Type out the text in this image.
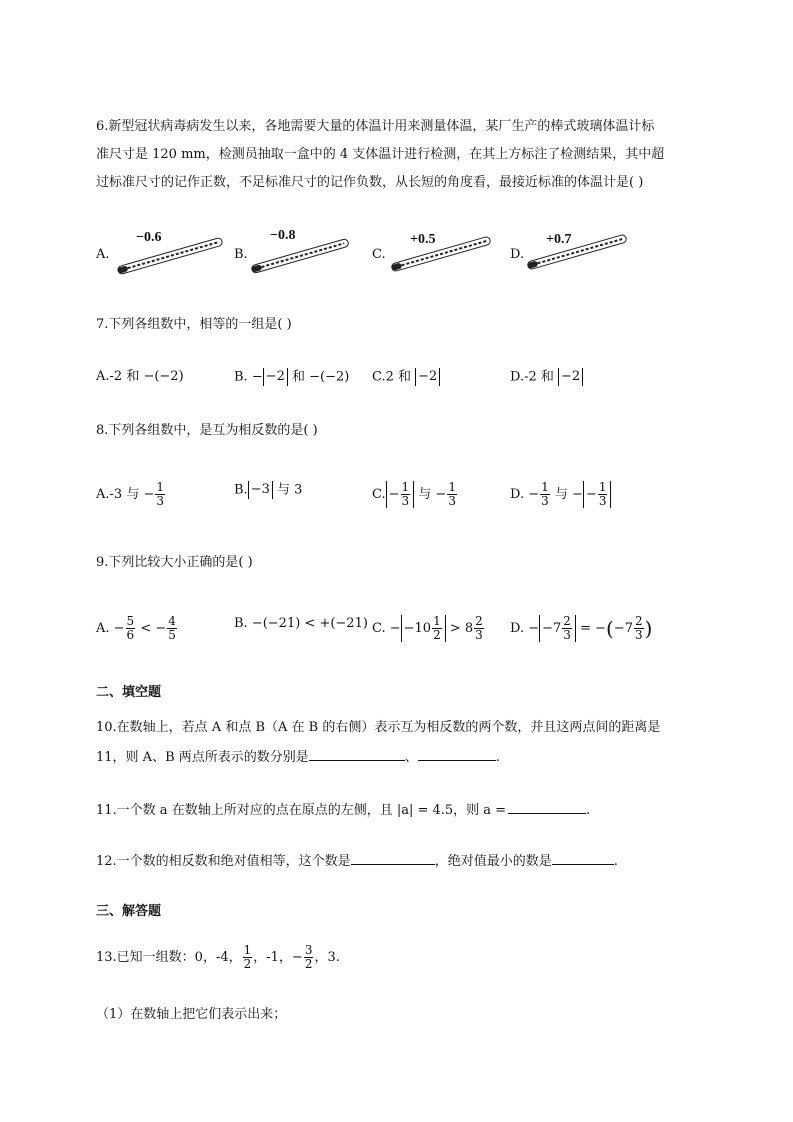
6.新型冠状病毒病发生以来，各地需要大量的体温计用来测量体温，某厂生产的棒式玻璃体温计标
准尺寸是 120 mm，检测员抽取一盒中的 4 支体温计进行检测，在其上方标注了检测结果，其中超
过标准尺寸的记作正数，不足标准尺寸的记作负数，从长短的角度看，最接近标准的体温计是( )
A.
−0.6
B.
−0.8
C.
+0.5
D.
+0.7
7.下列各组数中，相等的一组是( )
A.-2 和 −(−2)	B. − −2 和 −(−2) C.2 和 −2	D.-2 和 −2
8.下列各组数中，是互为相反数的是( )
A.-3 与 − $\frac{1}{3}$	B. −3 与 3	C. − $\frac{1}{3}$ 与 − $\frac{1}{3}$	D. − $\frac{1}{3}$ 与 − − $\frac{1}{3}$
9.下列比较大小正确的是( )
A. − $\frac{5}{6}$ < − $\frac{4}{5}$	B. −(−21) < +(−21) C. − $-10 \frac{1}{2} > 8 \frac{2}{3} D$. − $-7 \frac{2}{3} = -(-7 \frac{2}{3}$ )
二、填空题
10.在数轴上，若点 A 和点 B（A 在 B 的右侧）表示互为相反数的两个数，并且这两点间的距离是
11，则 A、B 两点所表示的数分别是	、	.
11.一个数 a 在数轴上所对应的点在原点的左侧，且 |a| = 4.5，则 a =	.
12.一个数的相反数和绝对值相等，这个数是	，绝对值最小的数是	.
三、解答题
13.已知一组数：0，-4， $\frac{1}{2}$ ，-1，− $\frac{3}{2}$ ，3.
（1）在数轴上把它们表示出来；
